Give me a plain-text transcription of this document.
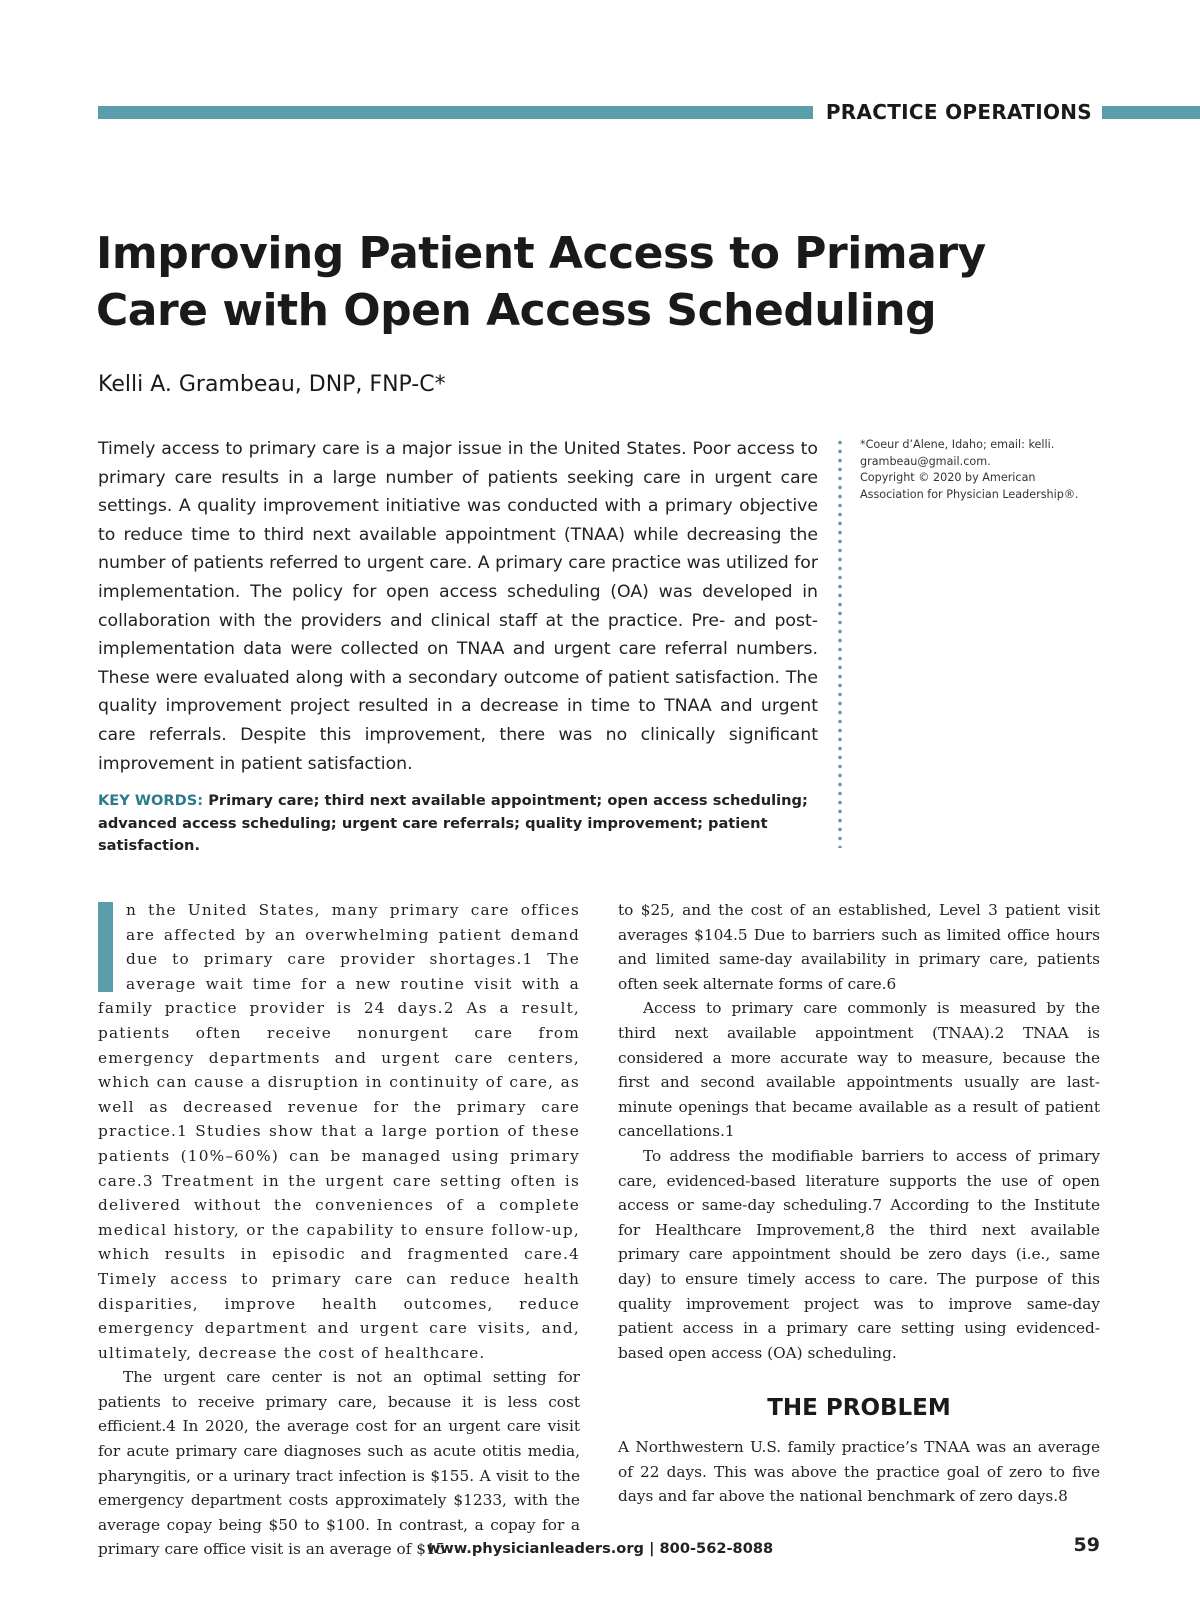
PRACTICE OPERATIONS
Improving Patient Access to Primary Care with Open Access Scheduling
Kelli A. Grambeau, DNP, FNP-C*

Timely access to primary care is a major issue in the United States. Poor access to primary care results in a large number of patients seeking care in urgent care settings. A quality improvement initiative was conducted with a primary objective to reduce time to third next available appointment (TNAA) while decreasing the number of patients referred to urgent care. A primary care practice was utilized for implementation. The policy for open access scheduling (OA) was developed in collaboration with the providers and clinical staff at the practice. Pre- and post-implementation data were collected on TNAA and urgent care referral numbers. These were evaluated along with a secondary outcome of patient satisfaction. The quality improvement project resulted in a decrease in time to TNAA and urgent care referrals. Despite this improvement, there was no clinically significant improvement in patient satisfaction.

KEY WORDS: Primary care; third next available appointment; open access scheduling; advanced access scheduling; urgent care referrals; quality improvement; patient satisfaction.

*Coeur d’Alene, Idaho; email: kelli.
grambeau@gmail.com.
Copyright © 2020 by American
Association for Physician Leadership®.

n the United States, many primary care offices are affected by an overwhelming patient demand due to primary care provider shortages.1 The average wait time for a new routine visit with a family practice provider is 24 days.2 As a result, patients often receive nonurgent care from emergency departments and urgent care centers, which can cause a disruption in continuity of care, as well as decreased revenue for the primary care practice.1 Studies show that a large portion of these patients (10%–60%) can be managed using primary care.3 Treatment in the urgent care setting often is delivered without the conveniences of a complete medical history, or the capability to ensure follow-up, which results in episodic and fragmented care.4 Timely access to primary care can reduce health disparities, improve health outcomes, reduce emergency department and urgent care visits, and, ultimately, decrease the cost of healthcare.

The urgent care center is not an optimal setting for patients to receive primary care, because it is less cost efficient.4 In 2020, the average cost for an urgent care visit for acute primary care diagnoses such as acute otitis media, pharyngitis, or a urinary tract infection is $155. A visit to the emergency department costs approximately $1233, with the average copay being $50 to $100. In contrast, a copay for a primary care office visit is an average of $15

to $25, and the cost of an established, Level 3 patient visit averages $104.5 Due to barriers such as limited office hours and limited same-day availability in primary care, patients often seek alternate forms of care.6

Access to primary care commonly is measured by the third next available appointment (TNAA).2 TNAA is considered a more accurate way to measure, because the first and second available appointments usually are last-minute openings that became available as a result of patient cancellations.1

To address the modifiable barriers to access of primary care, evidenced-based literature supports the use of open access or same-day scheduling.7 According to the Institute for Healthcare Improvement,8 the third next available primary care appointment should be zero days (i.e., same day) to ensure timely access to care. The purpose of this quality improvement project was to improve same-day patient access in a primary care setting using evidenced-based open access (OA) scheduling.

THE PROBLEM

A Northwestern U.S. family practice’s TNAA was an average of 22 days. This was above the practice goal of zero to five days and far above the national benchmark of zero days.8

www.physicianleaders.org | 800-562-8088	59
